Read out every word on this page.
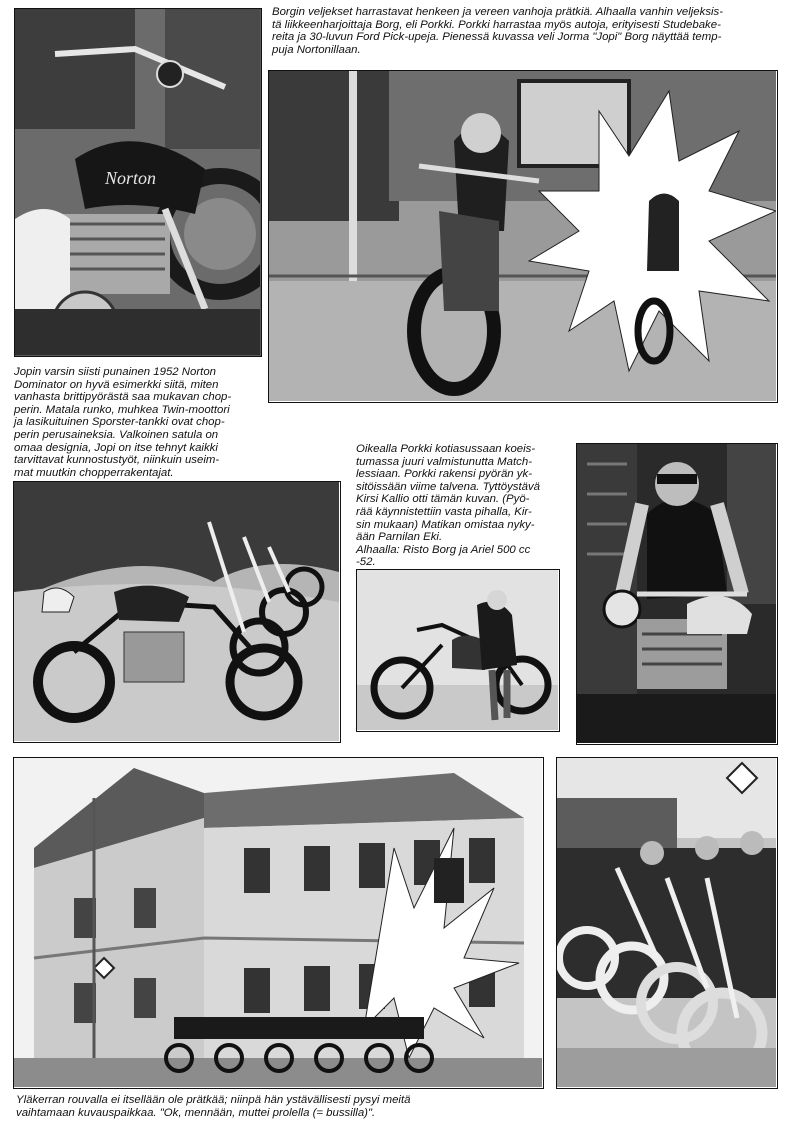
Norton

Borgin veljekset harrastavat henkeen ja vereen vanhoja prätkiä. Alhaalla vanhin veljeksis-
tä liikkeenharjoittaja Borg, eli Porkki. Porkki harrastaa myös autoja, erityisesti Studebake-
reita ja 30-luvun Ford Pick-upeja. Pienessä kuvassa veli Jorma "Jopi" Borg näyttää temp-
puja Nortonillaan.

Jopin varsin siisti punainen 1952 Norton
Dominator on hyvä esimerkki siitä, miten
vanhasta brittipyörästä saa mukavan chop-
perin. Matala runko, muhkea Twin-moottori
ja lasikuituinen Sporster-tankki ovat chop-
perin perusaineksia. Valkoinen satula on
omaa designia, Jopi on itse tehnyt kaikki
tarvittavat kunnostustyöt, niinkuin useim-
mat muutkin chopperrakentajat.

Oikealla Porkki kotiasussaan koeis-
tumassa juuri valmistunutta Match-
lessiaan. Porkki rakensi pyörän yk-
sitöissään viime talvena. Tyttöystävä
Kirsi Kallio otti tämän kuvan. (Pyö-
rää käynnistettiin vasta pihalla, Kir-
sin mukaan) Matikan omistaa nyky-
ään Parnilan Eki.
Alhaalla: Risto Borg ja Ariel 500 cc
-52.

Yläkerran rouvalla ei itsellään ole prätkää; niinpä hän ystävällisesti pysyi meitä
vaihtamaan kuvauspaikkaa. "Ok, mennään, muttei prolella (= bussilla)".
